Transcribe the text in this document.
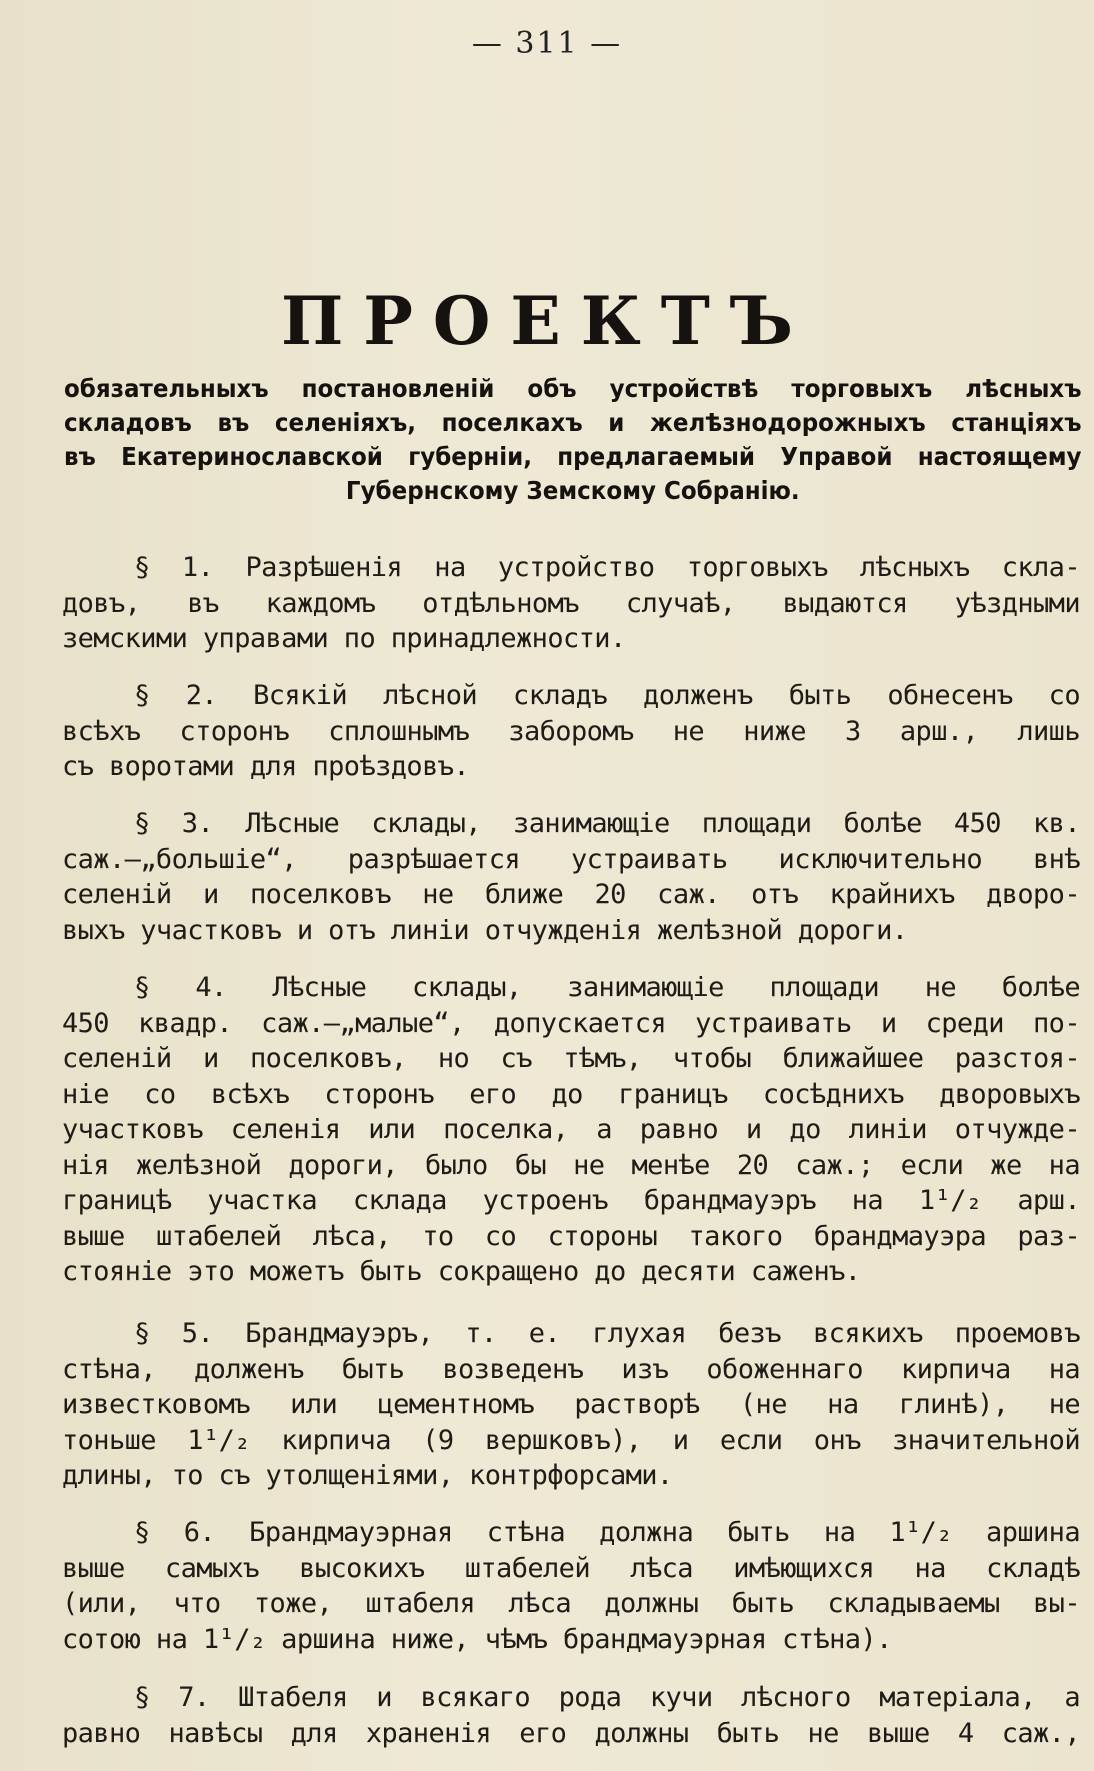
— 311 —
ПРОЕКТЪ
обязательныхъ постановленій объ устройствѣ торговыхъ лѣсныхъ
складовъ въ селеніяхъ, поселкахъ и желѣзнодорожныхъ станціяхъ
въ Екатеринославской губерніи, предлагаемый Управой настоящему
Губернскому Земскому Собранію.
§ 1. Разрѣшенія на устройство торговыхъ лѣсныхъ скла-
довъ, въ каждомъ отдѣльномъ случаѣ, выдаются уѣздными
земскими управами по принадлежности.
§ 2. Всякій лѣсной складъ долженъ быть обнесенъ со
всѣхъ сторонъ сплошнымъ заборомъ не ниже 3 арш., лишь
съ воротами для проѣздовъ.
§ 3. Лѣсные склады, занимающіе площади болѣе 450 кв.
саж.—„большіе“, разрѣшается устраивать исключительно внѣ
селеній и поселковъ не ближе 20 саж. отъ крайнихъ дворо-
выхъ участковъ и отъ линіи отчужденія желѣзной дороги.
§ 4. Лѣсные склады, занимающіе площади не болѣе
450 квадр. саж.—„малые“, допускается устраивать и среди по-
селеній и поселковъ, но съ тѣмъ, чтобы ближайшее разстоя-
ніе со всѣхъ сторонъ его до границъ сосѣднихъ дворовыхъ
участковъ селенія или поселка, а равно и до линіи отчужде-
нія желѣзной дороги, было бы не менѣе 20 саж.; если же на
границѣ участка склада устроенъ брандмауэръ на 1¹/₂ арш.
выше штабелей лѣса, то со стороны такого брандмауэра раз-
стояніе это можетъ быть сокращено до десяти саженъ.
§ 5. Брандмауэръ, т. е. глухая безъ всякихъ проемовъ
стѣна, долженъ быть возведенъ изъ обоженнаго кирпича на
известковомъ или цементномъ растворѣ (не на глинѣ), не
тоньше 1¹/₂ кирпича (9 вершковъ), и если онъ значительной
длины, то съ утолщеніями, контрфорсами.
§ 6. Брандмауэрная стѣна должна быть на 1¹/₂ аршина
выше самыхъ высокихъ штабелей лѣса имѣющихся на складѣ
(или, что тоже, штабеля лѣса должны быть складываемы вы-
сотою на 1¹/₂ аршина ниже, чѣмъ брандмауэрная стѣна).
§ 7. Штабеля и всякаго рода кучи лѣсного матеріала, а
равно навѣсы для храненія его должны быть не выше 4 саж.,
